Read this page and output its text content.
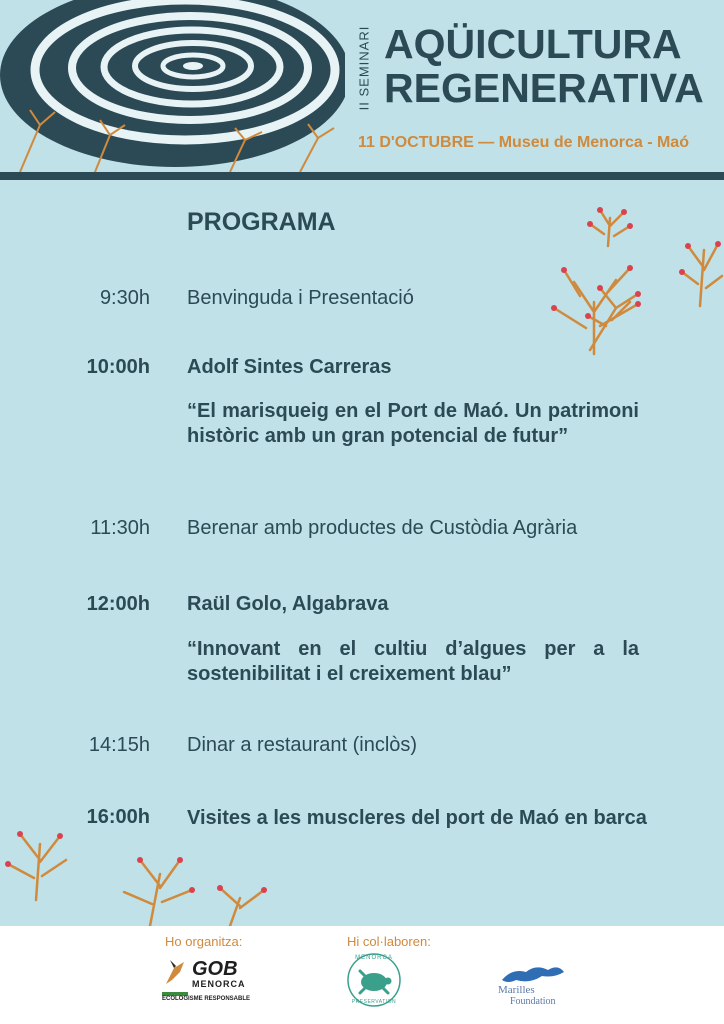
II SEMINARI AQÜICULTURA
REGENERATIVA
11 D'OCTUBRE — Museu de Menorca - Maó
PROGRAMA
9:30h Benvinguda i Presentació
10:00h Adolf Sintes Carreras
“El marisqueig en el Port de Maó. Un patrimoni històric amb un gran potencial de futur”
11:30h Berenar amb productes de Custòdia Agrària
12:00h Raül Golo, Algabrava
“Innovant en el cultiu d’algues per a la sostenibilitat i el creixement blau”
14:15h Dinar a restaurant (inclòs)
16:00h Visites a les muscleres del port de Maó en barca
Ho organitza:	Hi col·laboren:
GOB
MENORCA
ECOLOGISME RESPONSABLE
MENORCA
PRESERVATION
Marilles
Foundation
